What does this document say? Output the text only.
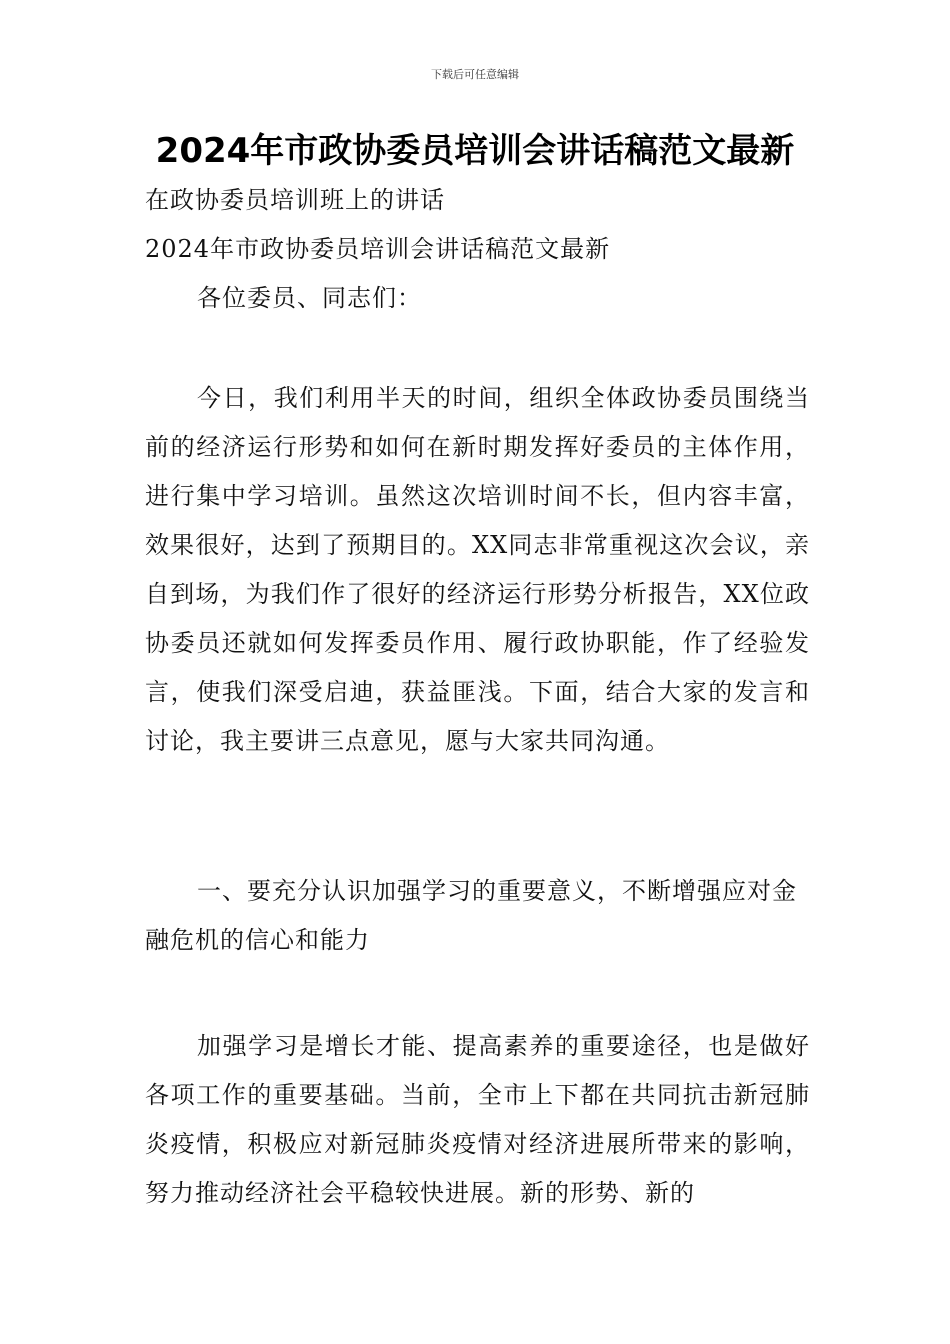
下载后可任意编辑
2024年市政协委员培训会讲话稿范文最新

在政协委员培训班上的讲话

2024年市政协委员培训会讲话稿范文最新

各位委员、同志们：

今日，我们利用半天的时间，组织全体政协委员围绕当前的经济运行形势和如何在新时期发挥好委员的主体作用，进行集中学习培训。虽然这次培训时间不长，但内容丰富，效果很好，达到了预期目的。XX同志非常重视这次会议，亲自到场，为我们作了很好的经济运行形势分析报告，XX位政协委员还就如何发挥委员作用、履行政协职能，作了经验发言，使我们深受启迪，获益匪浅。下面，结合大家的发言和讨论，我主要讲三点意见，愿与大家共同沟通。

一、要充分认识加强学习的重要意义，不断增强应对金融危机的信心和能力

加强学习是增长才能、提高素养的重要途径，也是做好各项工作的重要基础。当前，全市上下都在共同抗击新冠肺炎疫情，积极应对新冠肺炎疫情对经济进展所带来的影响，努力推动经济社会平稳较快进展。新的形势、新的
